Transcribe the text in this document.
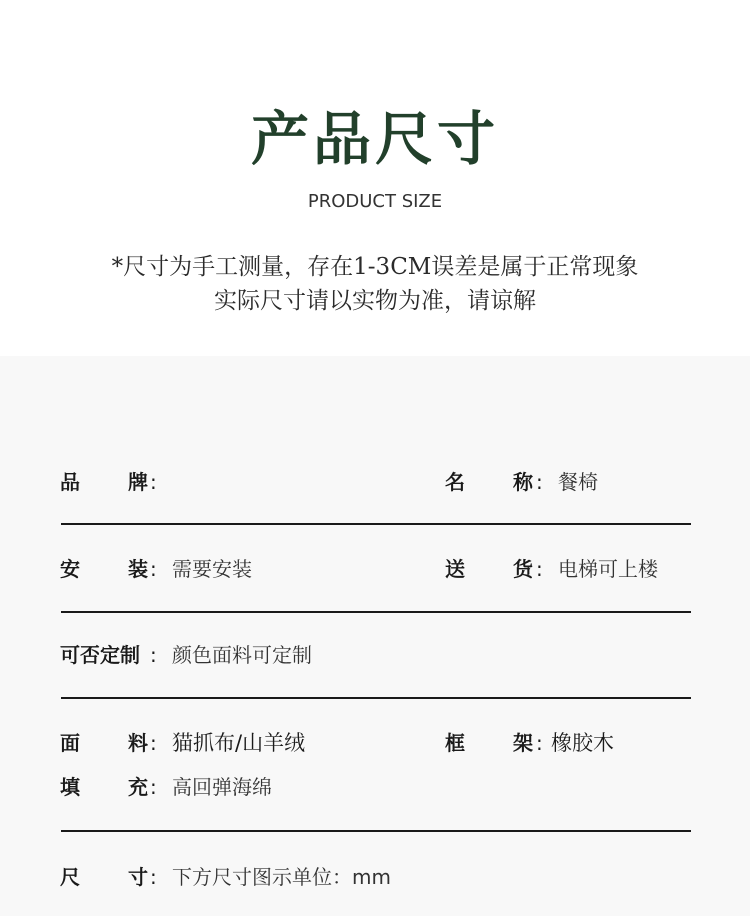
产品尺寸
PRODUCT SIZE
*尺寸为手工测量，存在1-3CM误差是属于正常现象
实际尺寸请以实物为准，请谅解
品 牌 :	名 称 : 餐椅
安 装 : 需要安装	送 货 : 电梯可上楼
可否定制 : 颜色面料可定制
面 料 : 猫抓布/山羊绒	框 架 : 橡胶木
填 充 : 高回弹海绵
尺 寸 : 下方尺寸图示单位：mm
